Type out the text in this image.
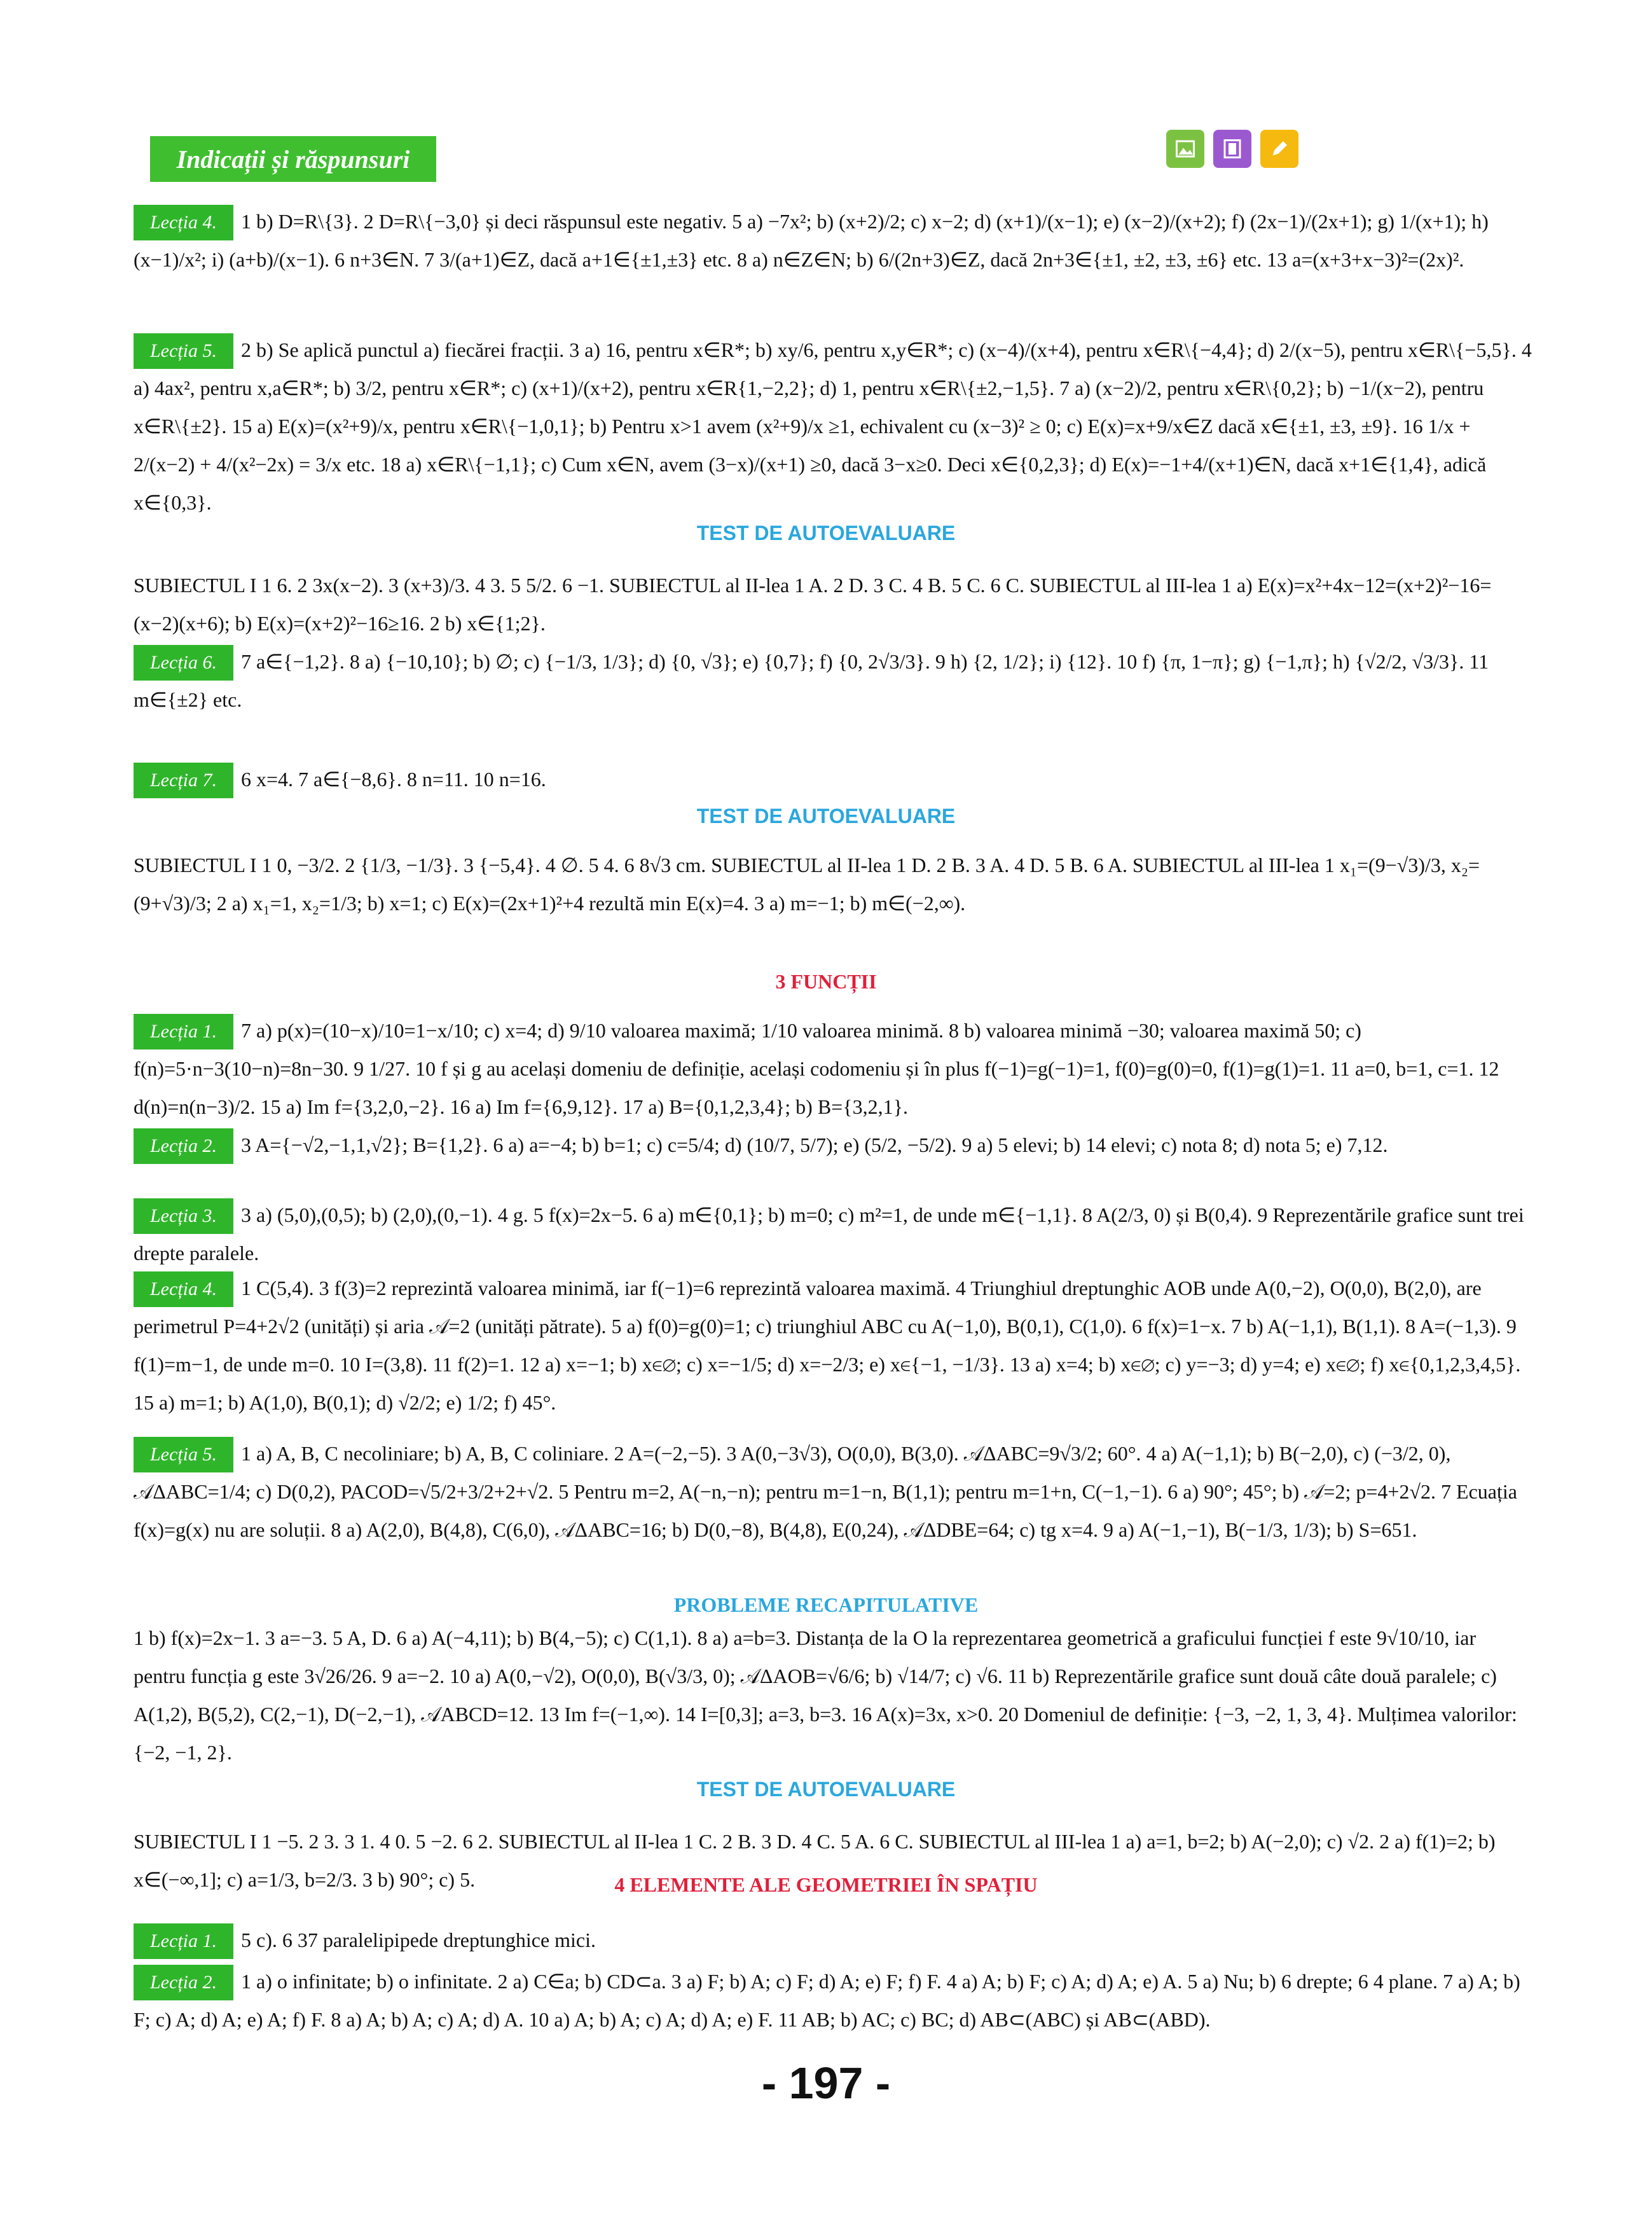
Indicații și răspunsuri
Lecția 4. 1 b) D=R\{3}. 2 D=R\{−3,0} și deci răspunsul este negativ. 5 a) −7x²; b) (x+2)/2; c) x−2; d) (x+1)/(x−1); e) (x−2)/(x+2); f) (2x−1)/(2x+1); g) 1/(x+1); h) (x−1)/x²; i) (a+b)/(x−1). 6 n+3∈N. 7 3/(a+1)∈Z, dacă a+1∈{±1,±3} etc. 8 a) n∈Z∈N; b) 6/(2n+3)∈Z, dacă 2n+3∈{±1, ±2, ±3, ±6} etc. 13 a=(x+3+x−3)²=(2x)².
Lecția 5. 2 b) Se aplică punctul a) fiecărei fracții. 3 a) 16, pentru x∈R*; b) xy/6, pentru x,y∈R*; c) (x−4)/(x+4), pentru x∈R\{−4,4}; d) 2/(x−5), pentru x∈R\{−5,5}. 4 a) 4ax², pentru x,a∈R*; b) 3/2, pentru x∈R*; c) (x+1)/(x+2), pentru x∈R{1,−2,2}; d) 1, pentru x∈R\{±2,−1,5}. 7 a) (x−2)/2, pentru x∈R\{0,2}; b) −1/(x−2), pentru x∈R\{±2}. 15 a) E(x)=(x²+9)/x, pentru x∈R\{−1,0,1}; b) Pentru x>1 avem (x²+9)/x ≥1, echivalent cu (x−3)² ≥ 0; c) E(x)=x+9/x∈Z dacă x∈{±1, ±3, ±9}. 16 1/x + 2/(x−2) + 4/(x²−2x) = 3/x etc. 18 a) x∈R\{−1,1}; c) Cum x∈N, avem (3−x)/(x+1) ≥0, dacă 3−x≥0. Deci x∈{0,2,3}; d) E(x)=−1+4/(x+1)∈N, dacă x+1∈{1,4}, adică x∈{0,3}.
TEST DE AUTOEVALUARE
SUBIECTUL I 1 6. 2 3x(x−2). 3 (x+3)/3. 4 3. 5 5/2. 6 −1. SUBIECTUL al II-lea 1 A. 2 D. 3 C. 4 B. 5 C. 6 C. SUBIECTUL al III-lea 1 a) E(x)=x²+4x−12=(x+2)²−16=(x−2)(x+6); b) E(x)=(x+2)²−16≥16. 2 b) x∈{1;2}.
Lecția 6. 7 a∈{−1,2}. 8 a) {−10,10}; b) ∅; c) {−1/3, 1/3}; d) {0, √3}; e) {0,7}; f) {0, 2√3/3}. 9 h) {2, 1/2}; i) {12}. 10 f) {π, 1−π}; g) {−1,π}; h) {√2/2, √3/3}. 11 m∈{±2} etc.
Lecția 7. 6 x=4. 7 a∈{−8,6}. 8 n=11. 10 n=16.
TEST DE AUTOEVALUARE
SUBIECTUL I 1 0, −3/2. 2 {1/3, −1/3}. 3 {−5,4}. 4 ∅. 5 4. 6 8√3 cm. SUBIECTUL al II-lea 1 D. 2 B. 3 A. 4 D. 5 B. 6 A. SUBIECTUL al III-lea 1 x₁=(9−√3)/3, x₂=(9+√3)/3; 2 a) x₁=1, x₂=1/3; b) x=1; c) E(x)=(2x+1)²+4 rezultă min E(x)=4. 3 a) m=−1; b) m∈(−2,∞).
3 FUNCȚII
Lecția 1. 7 a) p(x)=(10−x)/10=1−x/10; c) x=4; d) 9/10 valoarea maximă; 1/10 valoarea minimă. 8 b) valoarea minimă −30; valoarea maximă 50; c) f(n)=5·n−3(10−n)=8n−30. 9 1/27. 10 f și g au același domeniu de definiție, același codomeniu și în plus f(−1)=g(−1)=1, f(0)=g(0)=0, f(1)=g(1)=1. 11 a=0, b=1, c=1. 12 d(n)=n(n−3)/2. 15 a) Im f={3,2,0,−2}. 16 a) Im f={6,9,12}. 17 a) B={0,1,2,3,4}; b) B={3,2,1}.
Lecția 2. 3 A={−√2,−1,1,√2}; B={1,2}. 6 a) a=−4; b) b=1; c) c=5/4; d) (10/7, 5/7); e) (5/2, −5/2). 9 a) 5 elevi; b) 14 elevi; c) nota 8; d) nota 5; e) 7,12.
Lecția 3. 3 a) (5,0),(0,5); b) (2,0),(0,−1). 4 g. 5 f(x)=2x−5. 6 a) m∈{0,1}; b) m=0; c) m²=1, de unde m∈{−1,1}. 8 A(2/3, 0) și B(0,4). 9 Reprezentările grafice sunt trei drepte paralele.
Lecția 4. 1 C(5,4). 3 f(3)=2 reprezintă valoarea minimă, iar f(−1)=6 reprezintă valoarea maximă. 4 Triunghiul dreptunghic AOB unde A(0,−2), O(0,0), B(2,0), are perimetrul P=4+2√2 (unități) și aria 𝒜=2 (unități pătrate). 5 a) f(0)=g(0)=1; c) triunghiul ABC cu A(−1,0), B(0,1), C(1,0). 6 f(x)=1−x. 7 b) A(−1,1), B(1,1). 8 A=(−1,3). 9 f(1)=m−1, de unde m=0. 10 I=(3,8). 11 f(2)=1. 12 a) x=−1; b) x∈∅; c) x=−1/5; d) x=−2/3; e) x∈{−1, −1/3}. 13 a) x=4; b) x∈∅; c) y=−3; d) y=4; e) x∈∅; f) x∈{0,1,2,3,4,5}. 15 a) m=1; b) A(1,0), B(0,1); d) √2/2; e) 1/2; f) 45°.
Lecția 5. 1 a) A, B, C necoliniare; b) A, B, C coliniare. 2 A=(−2,−5). 3 A(0,−3√3), O(0,0), B(3,0). 𝒜ΔABC=9√3/2; 60°. 4 a) A(−1,1); b) B(−2,0), c) (−3/2, 0), 𝒜ΔABC=1/4; c) D(0,2), PACOD=√5/2+3/2+2+√2. 5 Pentru m=2, A(−n,−n); pentru m=1−n, B(1,1); pentru m=1+n, C(−1,−1). 6 a) 90°; 45°; b) 𝒜=2; p=4+2√2. 7 Ecuația f(x)=g(x) nu are soluții. 8 a) A(2,0), B(4,8), C(6,0), 𝒜ΔABC=16; b) D(0,−8), B(4,8), E(0,24), 𝒜ΔDBE=64; c) tg x=4. 9 a) A(−1,−1), B(−1/3, 1/3); b) S=651.
PROBLEME RECAPITULATIVE
1 b) f(x)=2x−1. 3 a=−3. 5 A, D. 6 a) A(−4,11); b) B(4,−5); c) C(1,1). 8 a) a=b=3. Distanța de la O la reprezentarea geometrică a graficului funcției f este 9√10/10, iar pentru funcția g este 3√26/26. 9 a=−2. 10 a) A(0,−√2), O(0,0), B(√3/3, 0); 𝒜ΔAOB=√6/6; b) √14/7; c) √6. 11 b) Reprezentările grafice sunt două câte două paralele; c) A(1,2), B(5,2), C(2,−1), D(−2,−1), 𝒜ABCD=12. 13 Im f=(−1,∞). 14 I=[0,3]; a=3, b=3. 16 A(x)=3x, x>0. 20 Domeniul de definiție: {−3, −2, 1, 3, 4}. Mulțimea valorilor: {−2, −1, 2}.
TEST DE AUTOEVALUARE
SUBIECTUL I 1 −5. 2 3. 3 1. 4 0. 5 −2. 6 2. SUBIECTUL al II-lea 1 C. 2 B. 3 D. 4 C. 5 A. 6 C. SUBIECTUL al III-lea 1 a) a=1, b=2; b) A(−2,0); c) √2. 2 a) f(1)=2; b) x∈(−∞,1]; c) a=1/3, b=2/3. 3 b) 90°; c) 5.	4 ELEMENTE ALE GEOMETRIEI ÎN SPAȚIU
Lecția 1. 5 c). 6 37 paralelipipede dreptunghice mici.
Lecția 2. 1 a) o infinitate; b) o infinitate. 2 a) C∈a; b) CD⊂a. 3 a) F; b) A; c) F; d) A; e) F; f) F. 4 a) A; b) F; c) A; d) A; e) A. 5 a) Nu; b) 6 drepte; 6 4 plane. 7 a) A; b) F; c) A; d) A; e) A; f) F. 8 a) A; b) A; c) A; d) A. 10 a) A; b) A; c) A; d) A; e) F. 11 AB; b) AC; c) BC; d) AB⊂(ABC) și AB⊂(ABD).
- 197 -
